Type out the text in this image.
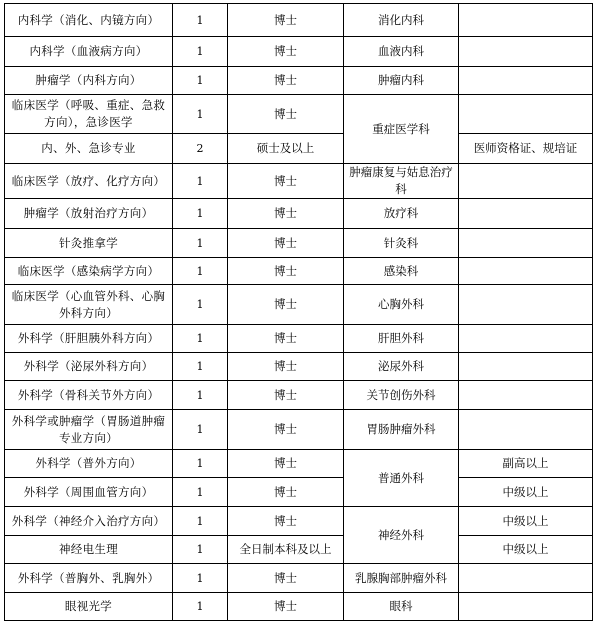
内科学（消化、内镜方向）	1	博士	消化内科	
内科学（血液病方向）	1	博士	血液内科	
肿瘤学（内科方向）	1	博士	肿瘤内科	
临床医学（呼吸、重症、急救方向），急诊医学	1	博士	重症医学科	
内、外、急诊专业	2	硕士及以上		医师资格证、规培证
临床医学（放疗、化疗方向）	1	博士	肿瘤康复与姑息治疗科	
肿瘤学（放射治疗方向）	1	博士	放疗科	
针灸推拿学	1	博士	针灸科	
临床医学（感染病学方向）	1	博士	感染科	
临床医学（心血管外科、心胸外科方向）	1	博士	心胸外科	
外科学（肝胆胰外科方向）	1	博士	肝胆外科	
外科学（泌尿外科方向）	1	博士	泌尿外科	
外科学（骨科关节外方向）	1	博士	关节创伤外科	
外科学或肿瘤学（胃肠道肿瘤专业方向）	1	博士	胃肠肿瘤外科	
外科学（普外方向）	1	博士	普通外科	副高以上
外科学（周围血管方向）	1	博士		中级以上
外科学（神经介入治疗方向）	1	博士	神经外科	中级以上
神经电生理	1	全日制本科及以上		中级以上
外科学（普胸外、乳胸外）	1	博士	乳腺胸部肿瘤外科	
眼视光学	1	博士	眼科	
